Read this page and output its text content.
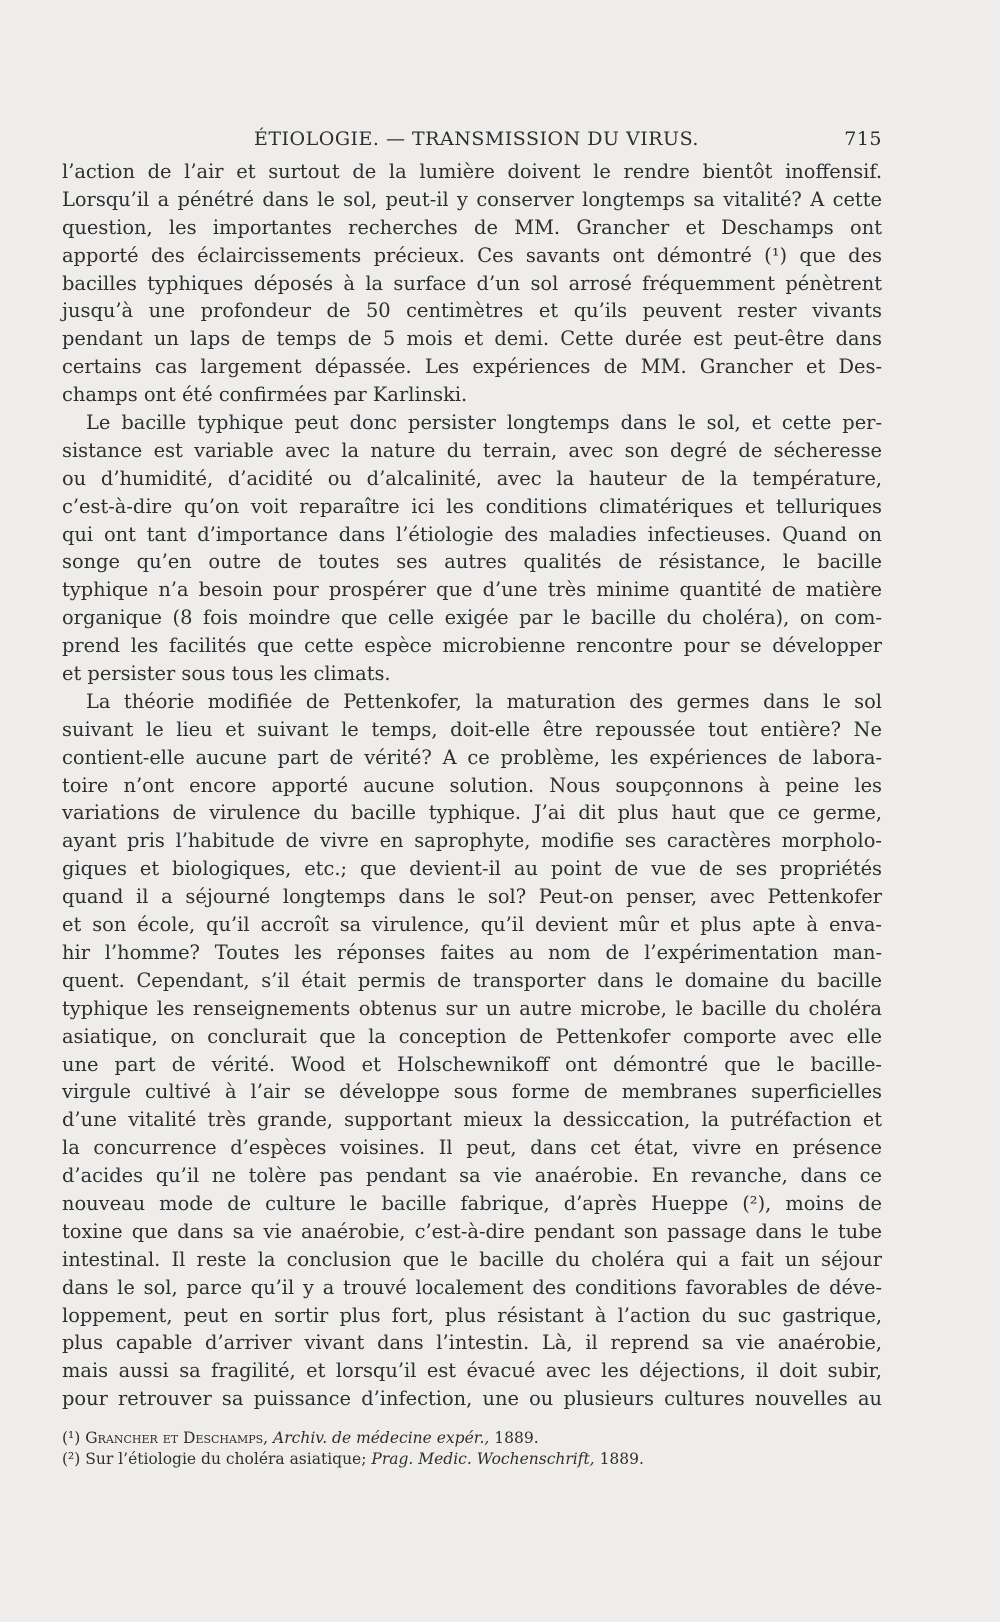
ÉTIOLOGIE. — TRANSMISSION DU VIRUS.	715
l’action de l’air et surtout de la lumière doivent le rendre bientôt inoffensif.
Lorsqu’il a pénétré dans le sol, peut-il y conserver longtemps sa vitalité? A cette
question, les importantes recherches de MM. Grancher et Deschamps ont
apporté des éclaircissements précieux. Ces savants ont démontré (¹) que des
bacilles typhiques déposés à la surface d’un sol arrosé fréquemment pénètrent
jusqu’à une profondeur de 50 centimètres et qu’ils peuvent rester vivants
pendant un laps de temps de 5 mois et demi. Cette durée est peut-être dans
certains cas largement dépassée. Les expériences de MM. Grancher et Des-
champs ont été confirmées par Karlinski.
Le bacille typhique peut donc persister longtemps dans le sol, et cette per-
sistance est variable avec la nature du terrain, avec son degré de sécheresse
ou d’humidité, d’acidité ou d’alcalinité, avec la hauteur de la température,
c’est-à-dire qu’on voit reparaître ici les conditions climatériques et telluriques
qui ont tant d’importance dans l’étiologie des maladies infectieuses. Quand on
songe qu’en outre de toutes ses autres qualités de résistance, le bacille
typhique n’a besoin pour prospérer que d’une très minime quantité de matière
organique (8 fois moindre que celle exigée par le bacille du choléra), on com-
prend les facilités que cette espèce microbienne rencontre pour se développer
et persister sous tous les climats.
La théorie modifiée de Pettenkofer, la maturation des germes dans le sol
suivant le lieu et suivant le temps, doit-elle être repoussée tout entière? Ne
contient-elle aucune part de vérité? A ce problème, les expériences de labora-
toire n’ont encore apporté aucune solution. Nous soupçonnons à peine les
variations de virulence du bacille typhique. J’ai dit plus haut que ce germe,
ayant pris l’habitude de vivre en saprophyte, modifie ses caractères morpholo-
giques et biologiques, etc.; que devient-il au point de vue de ses propriétés
quand il a séjourné longtemps dans le sol? Peut-on penser, avec Pettenkofer
et son école, qu’il accroît sa virulence, qu’il devient mûr et plus apte à enva-
hir l’homme? Toutes les réponses faites au nom de l’expérimentation man-
quent. Cependant, s’il était permis de transporter dans le domaine du bacille
typhique les renseignements obtenus sur un autre microbe, le bacille du choléra
asiatique, on conclurait que la conception de Pettenkofer comporte avec elle
une part de vérité. Wood et Holschewnikoff ont démontré que le bacille-
virgule cultivé à l’air se développe sous forme de membranes superficielles
d’une vitalité très grande, supportant mieux la dessiccation, la putréfaction et
la concurrence d’espèces voisines. Il peut, dans cet état, vivre en présence
d’acides qu’il ne tolère pas pendant sa vie anaérobie. En revanche, dans ce
nouveau mode de culture le bacille fabrique, d’après Hueppe (²), moins de
toxine que dans sa vie anaérobie, c’est-à-dire pendant son passage dans le tube
intestinal. Il reste la conclusion que le bacille du choléra qui a fait un séjour
dans le sol, parce qu’il y a trouvé localement des conditions favorables de déve-
loppement, peut en sortir plus fort, plus résistant à l’action du suc gastrique,
plus capable d’arriver vivant dans l’intestin. Là, il reprend sa vie anaérobie,
mais aussi sa fragilité, et lorsqu’il est évacué avec les déjections, il doit subir,
pour retrouver sa puissance d’infection, une ou plusieurs cultures nouvelles au
(¹) Grancher et Deschamps, Archiv. de médecine expér., 1889.
(²) Sur l’étiologie du choléra asiatique; Prag. Medic. Wochenschrift, 1889.
